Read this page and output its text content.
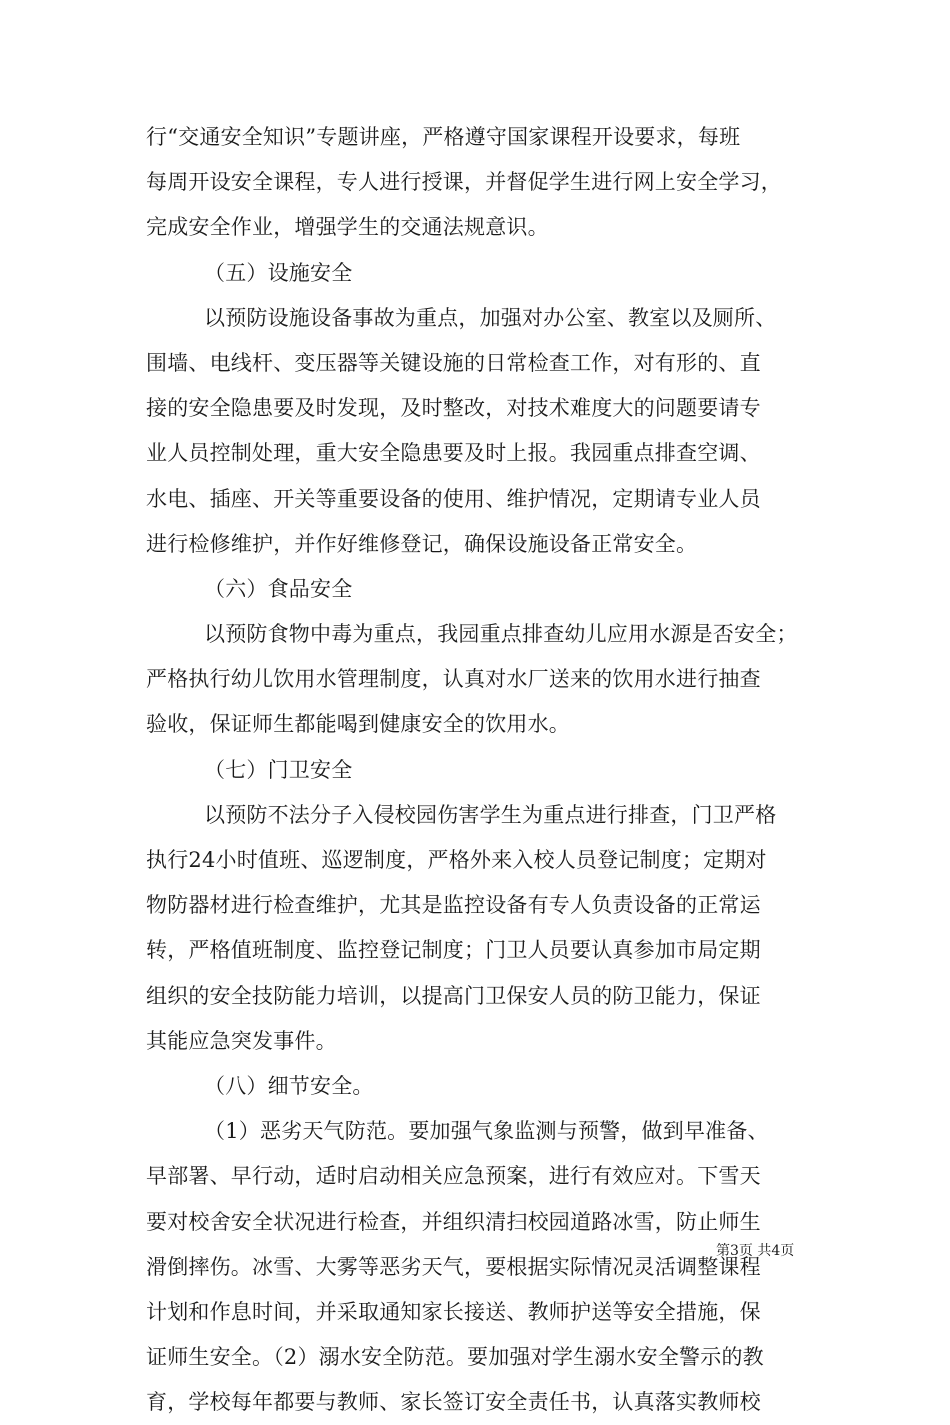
行“交通安全知识”专题讲座，严格遵守国家课程开设要求，每班
每周开设安全课程，专人进行授课，并督促学生进行网上安全学习，
完成安全作业，增强学生的交通法规意识。
（五）设施安全
以预防设施设备事故为重点，加强对办公室、教室以及厕所、
围墙、电线杆、变压器等关键设施的日常检查工作，对有形的、直
接的安全隐患要及时发现，及时整改，对技术难度大的问题要请专
业人员控制处理，重大安全隐患要及时上报。我园重点排查空调、
水电、插座、开关等重要设备的使用、维护情况，定期请专业人员
进行检修维护，并作好维修登记，确保设施设备正常安全。
（六）食品安全
以预防食物中毒为重点，我园重点排查幼儿应用水源是否安全；
严格执行幼儿饮用水管理制度，认真对水厂送来的饮用水进行抽查
验收，保证师生都能喝到健康安全的饮用水。
（七）门卫安全
以预防不法分子入侵校园伤害学生为重点进行排查，门卫严格
执行24小时值班、巡逻制度，严格外来入校人员登记制度；定期对
物防器材进行检查维护，尤其是监控设备有专人负责设备的正常运
转，严格值班制度、监控登记制度；门卫人员要认真参加市局定期
组织的安全技防能力培训，以提高门卫保安人员的防卫能力，保证
其能应急突发事件。
（八）细节安全。
（1）恶劣天气防范。要加强气象监测与预警，做到早准备、
早部署、早行动，适时启动相关应急预案，进行有效应对。下雪天
要对校舍安全状况进行检查，并组织清扫校园道路冰雪，防止师生
滑倒摔伤。冰雪、大雾等恶劣天气，要根据实际情况灵活调整课程
计划和作息时间，并采取通知家长接送、教师护送等安全措施，保
证师生安全。（2）溺水安全防范。要加强对学生溺水安全警示的教
育，学校每年都要与教师、家长签订安全责任书，认真落实教师校
第3页 共4页
